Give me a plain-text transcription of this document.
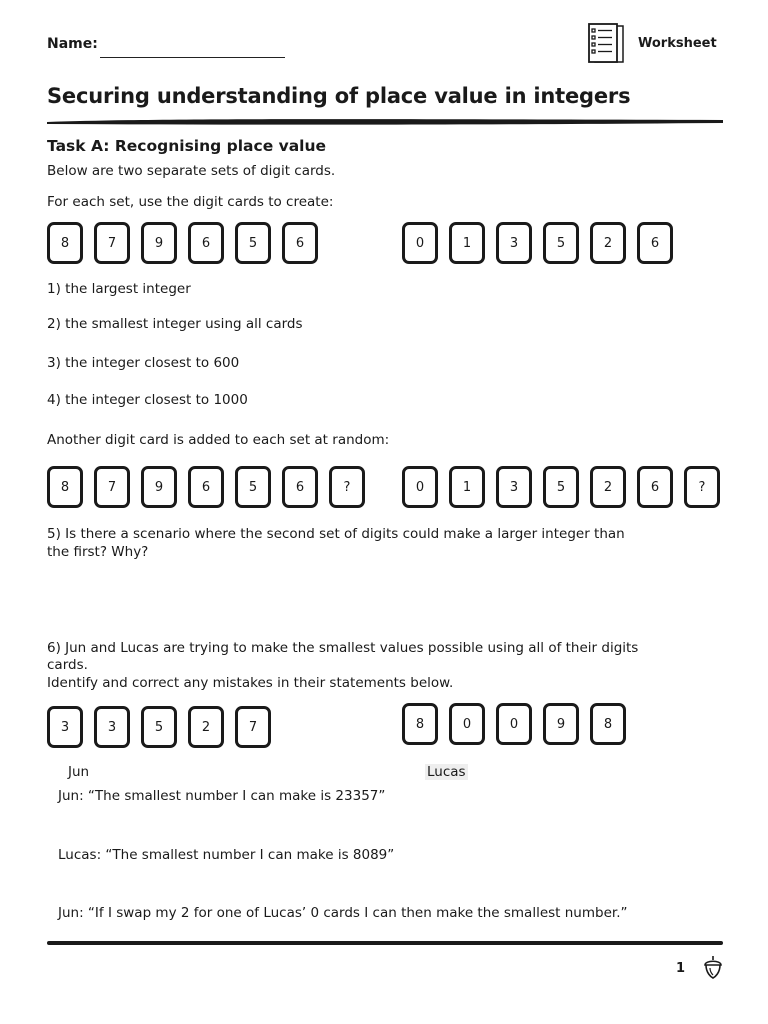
Name:	Worksheet
Securing understanding of place value in integers
Task A: Recognising place value
Below are two separate sets of digit cards.
For each set, use the digit cards to create:
8	7	9	6	5	6	0	1	3	5	2	6
1) the largest integer
2) the smallest integer using all cards
3) the integer closest to 600
4) the integer closest to 1000
Another digit card is added to each set at random:
8	7	9	6	5	6	?	0	1	3	5	2	6	?
5) Is there a scenario where the second set of digits could make a larger integer than
the first? Why?
6) Jun and Lucas are trying to make the smallest values possible using all of their digits
cards.
Identify and correct any mistakes in their statements below.
3	3	5	2	7	8	0	0	9	8
Jun	Lucas
Jun: “The smallest number I can make is 23357”
Lucas: “The smallest number I can make is 8089”
Jun: “If I swap my 2 for one of Lucas’ 0 cards I can then make the smallest number.”
1
